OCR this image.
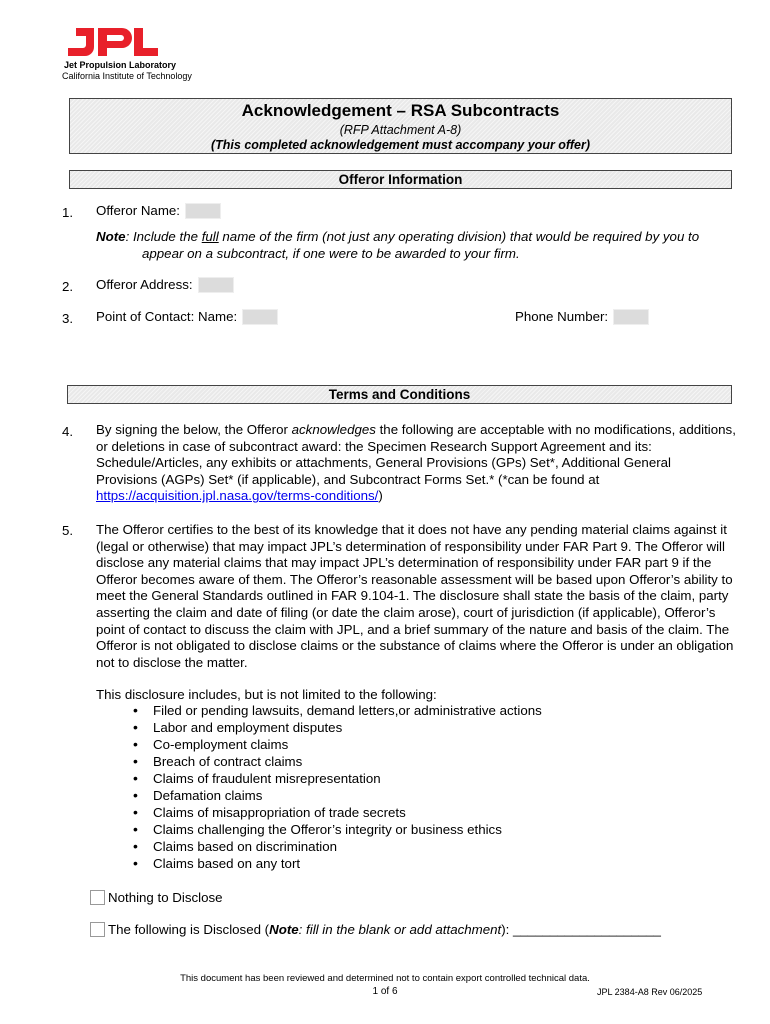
Jet Propulsion Laboratory
California Institute of Technology
Acknowledgement – RSA Subcontracts
(RFP Attachment A-8)
(This completed acknowledgement must accompany your offer)
Offeror Information
1. Offeror Name:
Note: Include the full name of the firm (not just any operating division) that would be required by you to
appear on a subcontract, if one were to be awarded to your firm.
2. Offeror Address:
3. Point of Contact: Name:	Phone Number:
Terms and Conditions
4. By signing the below, the Offeror acknowledges the following are acceptable with no modifications, additions, or deletions in case of subcontract award: the Specimen Research Support Agreement and its: Schedule/Articles, any exhibits or attachments, General Provisions (GPs) Set*, Additional General Provisions (AGPs) Set* (if applicable), and Subcontract Forms Set.* (*can be found at https://acquisition.jpl.nasa.gov/terms-conditions/)
5. The Offeror certifies to the best of its knowledge that it does not have any pending material claims against it (legal or otherwise) that may impact JPL’s determination of responsibility under FAR Part 9. The Offeror will disclose any material claims that may impact JPL’s determination of responsibility under FAR part 9 if the Offeror becomes aware of them. The Offeror’s reasonable assessment will be based upon Offeror’s ability to meet the General Standards outlined in FAR 9.104-1. The disclosure shall state the basis of the claim, party asserting the claim and date of filing (or date the claim arose), court of jurisdiction (if applicable), Offeror’s point of contact to discuss the claim with JPL, and a brief summary of the nature and basis of the claim. The Offeror is not obligated to disclose claims or the substance of claims where the Offeror is under an obligation not to disclose the matter.
This disclosure includes, but is not limited to the following:
• Filed or pending lawsuits, demand letters,or administrative actions
• Labor and employment disputes
• Co-employment claims
• Breach of contract claims
• Claims of fraudulent misrepresentation
• Defamation claims
• Claims of misappropriation of trade secrets
• Claims challenging the Offeror’s integrity or business ethics
• Claims based on discrimination
• Claims based on any tort
Nothing to Disclose
The following is Disclosed (Note: fill in the blank or add attachment): ____________________
This document has been reviewed and determined not to contain export controlled technical data.
1 of 6	JPL 2384-A8 Rev 06/2025
